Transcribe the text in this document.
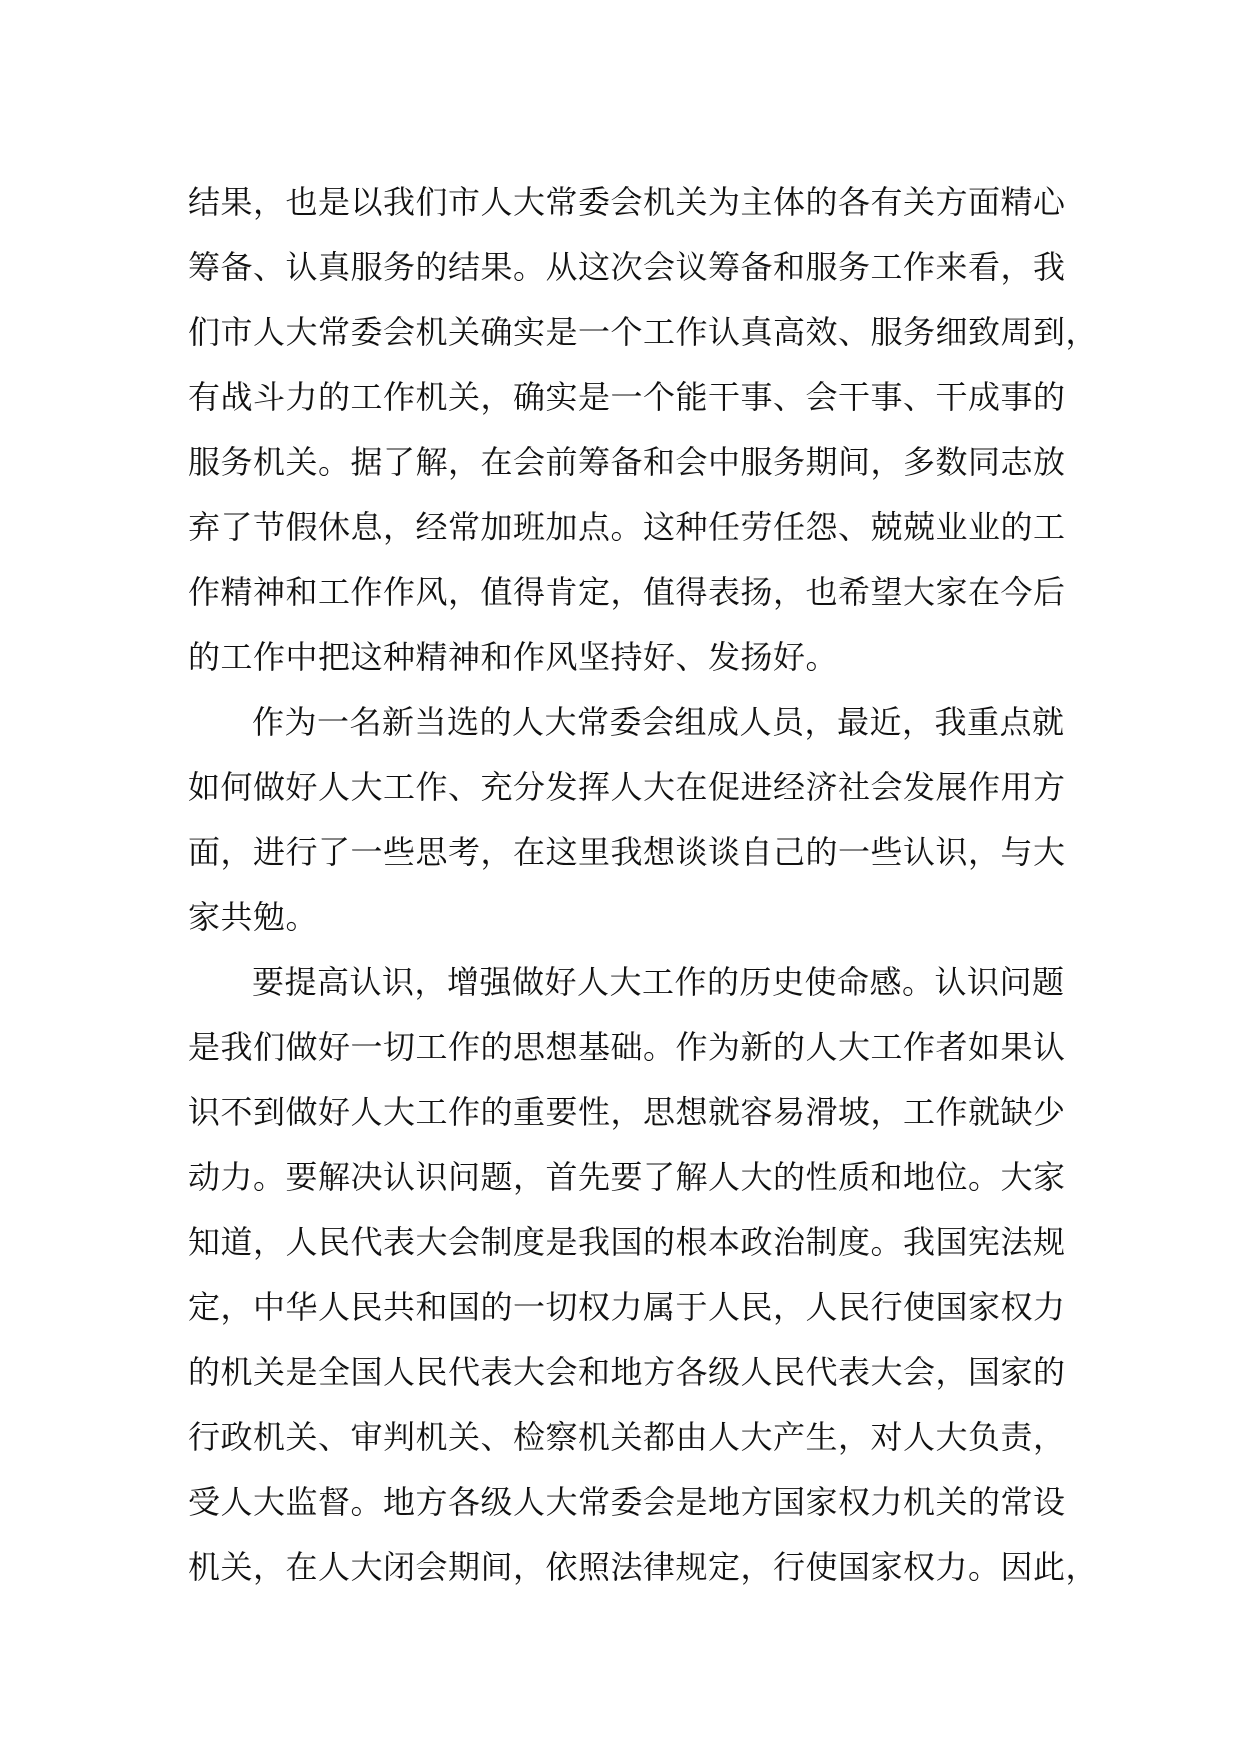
结果，也是以我们市人大常委会机关为主体的各有关方面精心
筹备、认真服务的结果。从这次会议筹备和服务工作来看，我
们市人大常委会机关确实是一个工作认真高效、服务细致周到，
有战斗力的工作机关，确实是一个能干事、会干事、干成事的
服务机关。据了解，在会前筹备和会中服务期间，多数同志放
弃了节假休息，经常加班加点。这种任劳任怨、兢兢业业的工
作精神和工作作风，值得肯定，值得表扬，也希望大家在今后
的工作中把这种精神和作风坚持好、发扬好。
作为一名新当选的人大常委会组成人员，最近，我重点就
如何做好人大工作、充分发挥人大在促进经济社会发展作用方
面，进行了一些思考，在这里我想谈谈自己的一些认识，与大
家共勉。
要提高认识，增强做好人大工作的历史使命感。认识问题
是我们做好一切工作的思想基础。作为新的人大工作者如果认
识不到做好人大工作的重要性，思想就容易滑坡，工作就缺少
动力。要解决认识问题，首先要了解人大的性质和地位。大家
知道，人民代表大会制度是我国的根本政治制度。我国宪法规
定，中华人民共和国的一切权力属于人民，人民行使国家权力
的机关是全国人民代表大会和地方各级人民代表大会，国家的
行政机关、审判机关、检察机关都由人大产生，对人大负责，
受人大监督。地方各级人大常委会是地方国家权力机关的常设
机关，在人大闭会期间，依照法律规定，行使国家权力。因此，
